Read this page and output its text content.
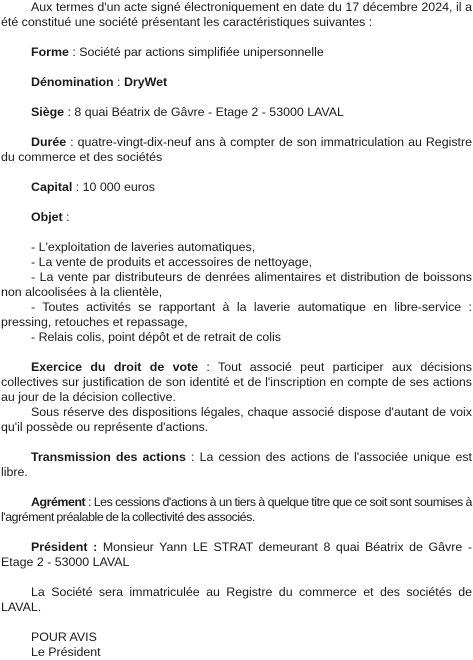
Aux termes d'un acte signé électroniquement en date du 17 décembre 2024, il a été constitué une société présentant les caractéristiques suivantes :

Forme : Société par actions simplifiée unipersonnelle

Dénomination : DryWet

Siège : 8 quai Béatrix de Gâvre - Etage 2 - 53000 LAVAL

Durée : quatre-vingt-dix-neuf ans à compter de son immatriculation au Registre du commerce et des sociétés

Capital : 10 000 euros

Objet :

- L'exploitation de laveries automatiques,

- La vente de produits et accessoires de nettoyage,

- La vente par distributeurs de denrées alimentaires et distribution de boissons non alcoolisées à la clientèle,

- Toutes activités se rapportant à la laverie automatique en libre-service : pressing, retouches et repassage,

- Relais colis, point dépôt et de retrait de colis

Exercice du droit de vote : Tout associé peut participer aux décisions collectives sur justification de son identité et de l'inscription en compte de ses actions au jour de la décision collective.

Sous réserve des dispositions légales, chaque associé dispose d'autant de voix qu'il possède ou représente d'actions.

Transmission des actions : La cession des actions de l'associée unique est libre.

Agrément : Les cessions d'actions à un tiers à quelque titre que ce soit sont soumises à l'agrément préalable de la collectivité des associés.

Président : Monsieur Yann LE STRAT demeurant 8 quai Béatrix de Gâvre - Etage 2 - 53000 LAVAL

La Société sera immatriculée au Registre du commerce et des sociétés de LAVAL.

POUR AVIS

Le Président
